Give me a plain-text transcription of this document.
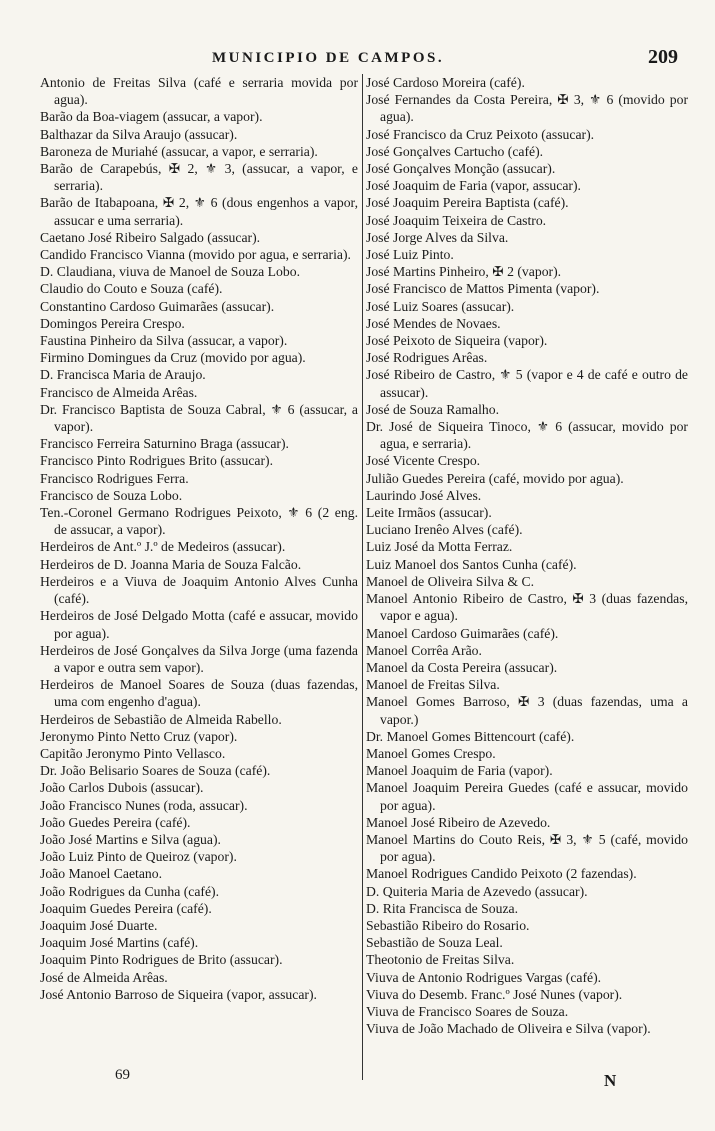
MUNICIPIO DE CAMPOS.	209
Antonio de Freitas Silva (café e serraria movida por agua).
Barão da Boa-viagem (assucar, a vapor).
Balthazar da Silva Araujo (assucar).
Baroneza de Muriahé (assucar, a vapor, e serraria).
Barão de Carapebús, ✠ 2, ⚜ 3, (assucar, a vapor, e serraria).
Barão de Itabapoana, ✠ 2, ⚜ 6 (dous engenhos a vapor, assucar e uma serraria).
Caetano José Ribeiro Salgado (assucar).
Candido Francisco Vianna (movido por agua, e serraria).
D. Claudiana, viuva de Manoel de Souza Lobo.
Claudio do Couto e Souza (café).
Constantino Cardoso Guimarães (assucar).
Domingos Pereira Crespo.
Faustina Pinheiro da Silva (assucar, a vapor).
Firmino Domingues da Cruz (movido por agua).
D. Francisca Maria de Araujo.
Francisco de Almeida Arêas.
Dr. Francisco Baptista de Souza Cabral, ⚜ 6 (assucar, a vapor).
Francisco Ferreira Saturnino Braga (assucar).
Francisco Pinto Rodrigues Brito (assucar).
Francisco Rodrigues Ferra.
Francisco de Souza Lobo.
Ten.-Coronel Germano Rodrigues Peixoto, ⚜ 6 (2 eng. de assucar, a vapor).
Herdeiros de Ant.º J.º de Medeiros (assucar).
Herdeiros de D. Joanna Maria de Souza Falcão.
Herdeiros e a Viuva de Joaquim Antonio Alves Cunha (café).
Herdeiros de José Delgado Motta (café e assucar, movido por agua).
Herdeiros de José Gonçalves da Silva Jorge (uma fazenda a vapor e outra sem vapor).
Herdeiros de Manoel Soares de Souza (duas fazendas, uma com engenho d'agua).
Herdeiros de Sebastião de Almeida Rabello.
Jeronymo Pinto Netto Cruz (vapor).
Capitão Jeronymo Pinto Vellasco.
Dr. João Belisario Soares de Souza (café).
João Carlos Dubois (assucar).
João Francisco Nunes (roda, assucar).
João Guedes Pereira (café).
João José Martins e Silva (agua).
João Luiz Pinto de Queiroz (vapor).
João Manoel Caetano.
João Rodrigues da Cunha (café).
Joaquim Guedes Pereira (café).
Joaquim José Duarte.
Joaquim José Martins (café).
Joaquim Pinto Rodrigues de Brito (assucar).
José de Almeida Arêas.
José Antonio Barroso de Siqueira (vapor, assucar).
José Cardoso Moreira (café).
José Fernandes da Costa Pereira, ✠ 3, ⚜ 6 (movido por agua).
José Francisco da Cruz Peixoto (assucar).
José Gonçalves Cartucho (café).
José Gonçalves Monção (assucar).
José Joaquim de Faria (vapor, assucar).
José Joaquim Pereira Baptista (café).
José Joaquim Teixeira de Castro.
José Jorge Alves da Silva.
José Luiz Pinto.
José Martins Pinheiro, ✠ 2 (vapor).
José Francisco de Mattos Pimenta (vapor).
José Luiz Soares (assucar).
José Mendes de Novaes.
José Peixoto de Siqueira (vapor).
José Rodrigues Arêas.
José Ribeiro de Castro, ⚜ 5 (vapor e 4 de café e outro de assucar).
José de Souza Ramalho.
Dr. José de Siqueira Tinoco, ⚜ 6 (assucar, movido por agua, e serraria).
José Vicente Crespo.
Julião Guedes Pereira (café, movido por agua).
Laurindo José Alves.
Leite Irmãos (assucar).
Luciano Irenêo Alves (café).
Luiz José da Motta Ferraz.
Luiz Manoel dos Santos Cunha (café).
Manoel de Oliveira Silva & C.
Manoel Antonio Ribeiro de Castro, ✠ 3 (duas fazendas, vapor e agua).
Manoel Cardoso Guimarães (café).
Manoel Corrêa Arão.
Manoel da Costa Pereira (assucar).
Manoel de Freitas Silva.
Manoel Gomes Barroso, ✠ 3 (duas fazendas, uma a vapor.)
Dr. Manoel Gomes Bittencourt (café).
Manoel Gomes Crespo.
Manoel Joaquim de Faria (vapor).
Manoel Joaquim Pereira Guedes (café e assucar, movido por agua).
Manoel José Ribeiro de Azevedo.
Manoel Martins do Couto Reis, ✠ 3, ⚜ 5 (café, movido por agua).
Manoel Rodrigues Candido Peixoto (2 fazendas).
D. Quiteria Maria de Azevedo (assucar).
D. Rita Francisca de Souza.
Sebastião Ribeiro do Rosario.
Sebastião de Souza Leal.
Theotonio de Freitas Silva.
Viuva de Antonio Rodrigues Vargas (café).
Viuva do Desemb. Franc.º José Nunes (vapor).
Viuva de Francisco Soares de Souza.
Viuva de João Machado de Oliveira e Silva (vapor).
69	N
